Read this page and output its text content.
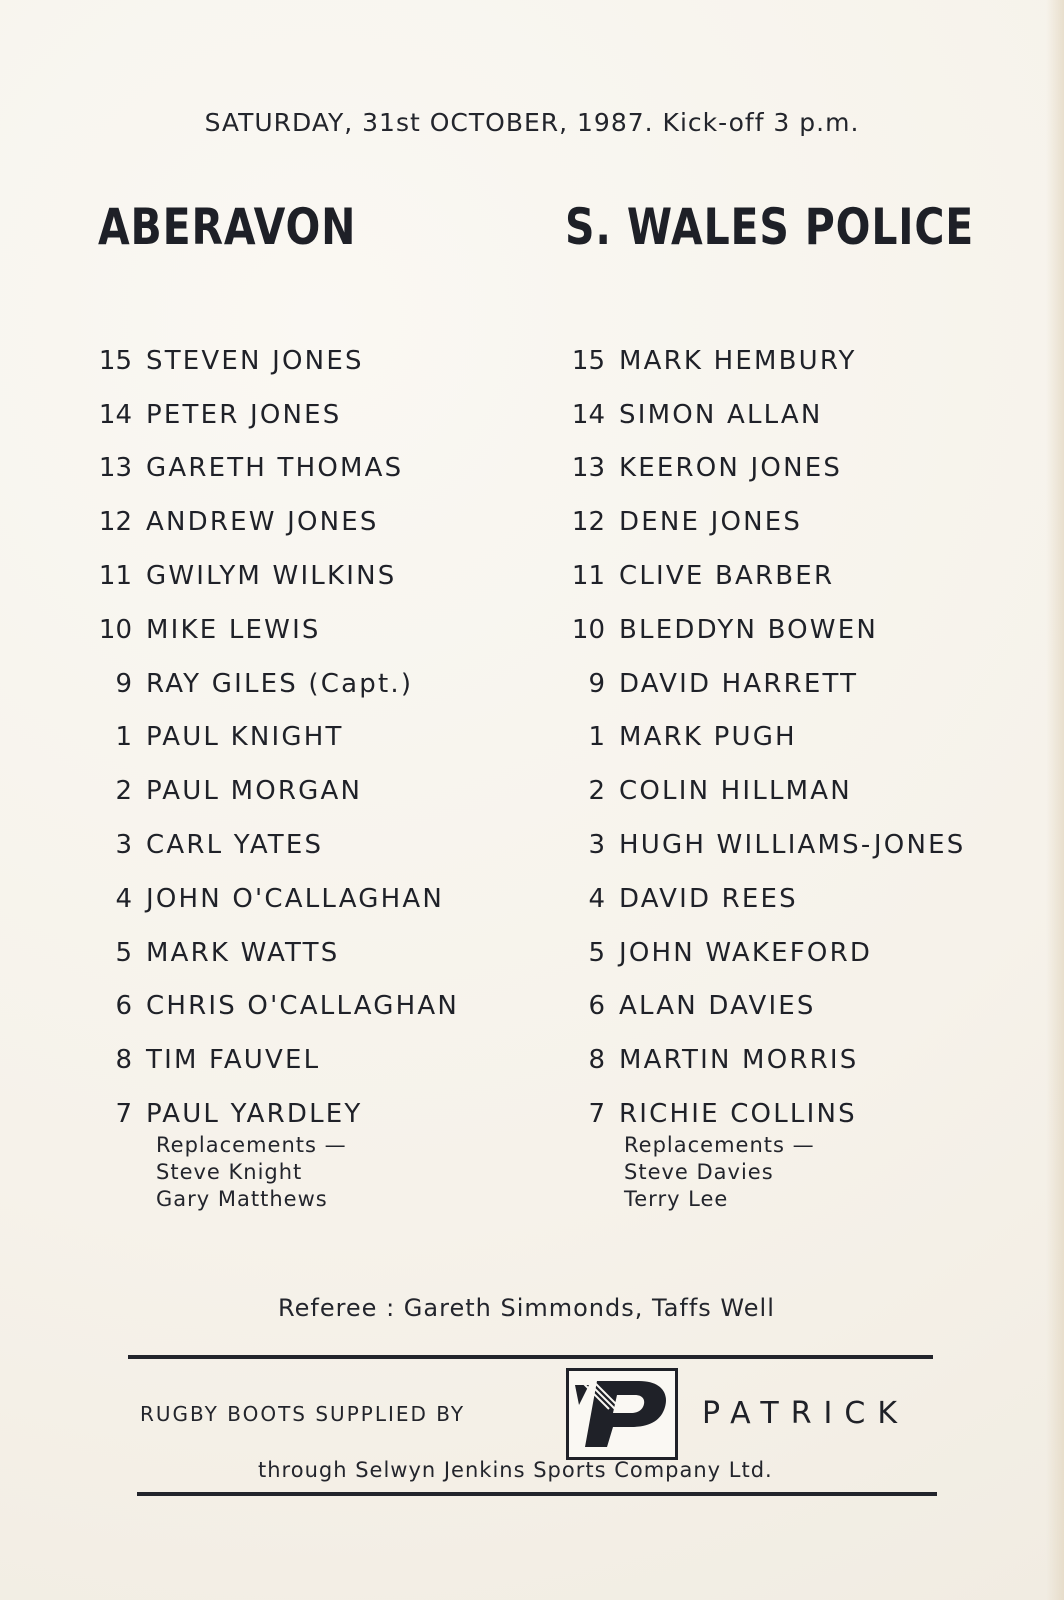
SATURDAY, 31st OCTOBER, 1987. Kick-off 3 p.m.
ABERAVON	S. WALES POLICE
15 STEVEN JONES
14 PETER JONES
13 GARETH THOMAS
12 ANDREW JONES
11 GWILYM WILKINS
10 MIKE LEWIS
9 RAY GILES (Capt.)
1 PAUL KNIGHT
2 PAUL MORGAN
3 CARL YATES
4 JOHN O'CALLAGHAN
5 MARK WATTS
6 CHRIS O'CALLAGHAN
8 TIM FAUVEL
7 PAUL YARDLEY
15 MARK HEMBURY
14 SIMON ALLAN
13 KEERON JONES
12 DENE JONES
11 CLIVE BARBER
10 BLEDDYN BOWEN
9 DAVID HARRETT
1 MARK PUGH
2 COLIN HILLMAN
3 HUGH WILLIAMS-JONES
4 DAVID REES
5 JOHN WAKEFORD
6 ALAN DAVIES
8 MARTIN MORRIS
7 RICHIE COLLINS
Replacements —
Steve Knight
Gary Matthews
Replacements —
Steve Davies
Terry Lee
Referee : Gareth Simmonds, Taffs Well
RUGBY BOOTS SUPPLIED BY	PATRICK
through Selwyn Jenkins Sports Company Ltd.
